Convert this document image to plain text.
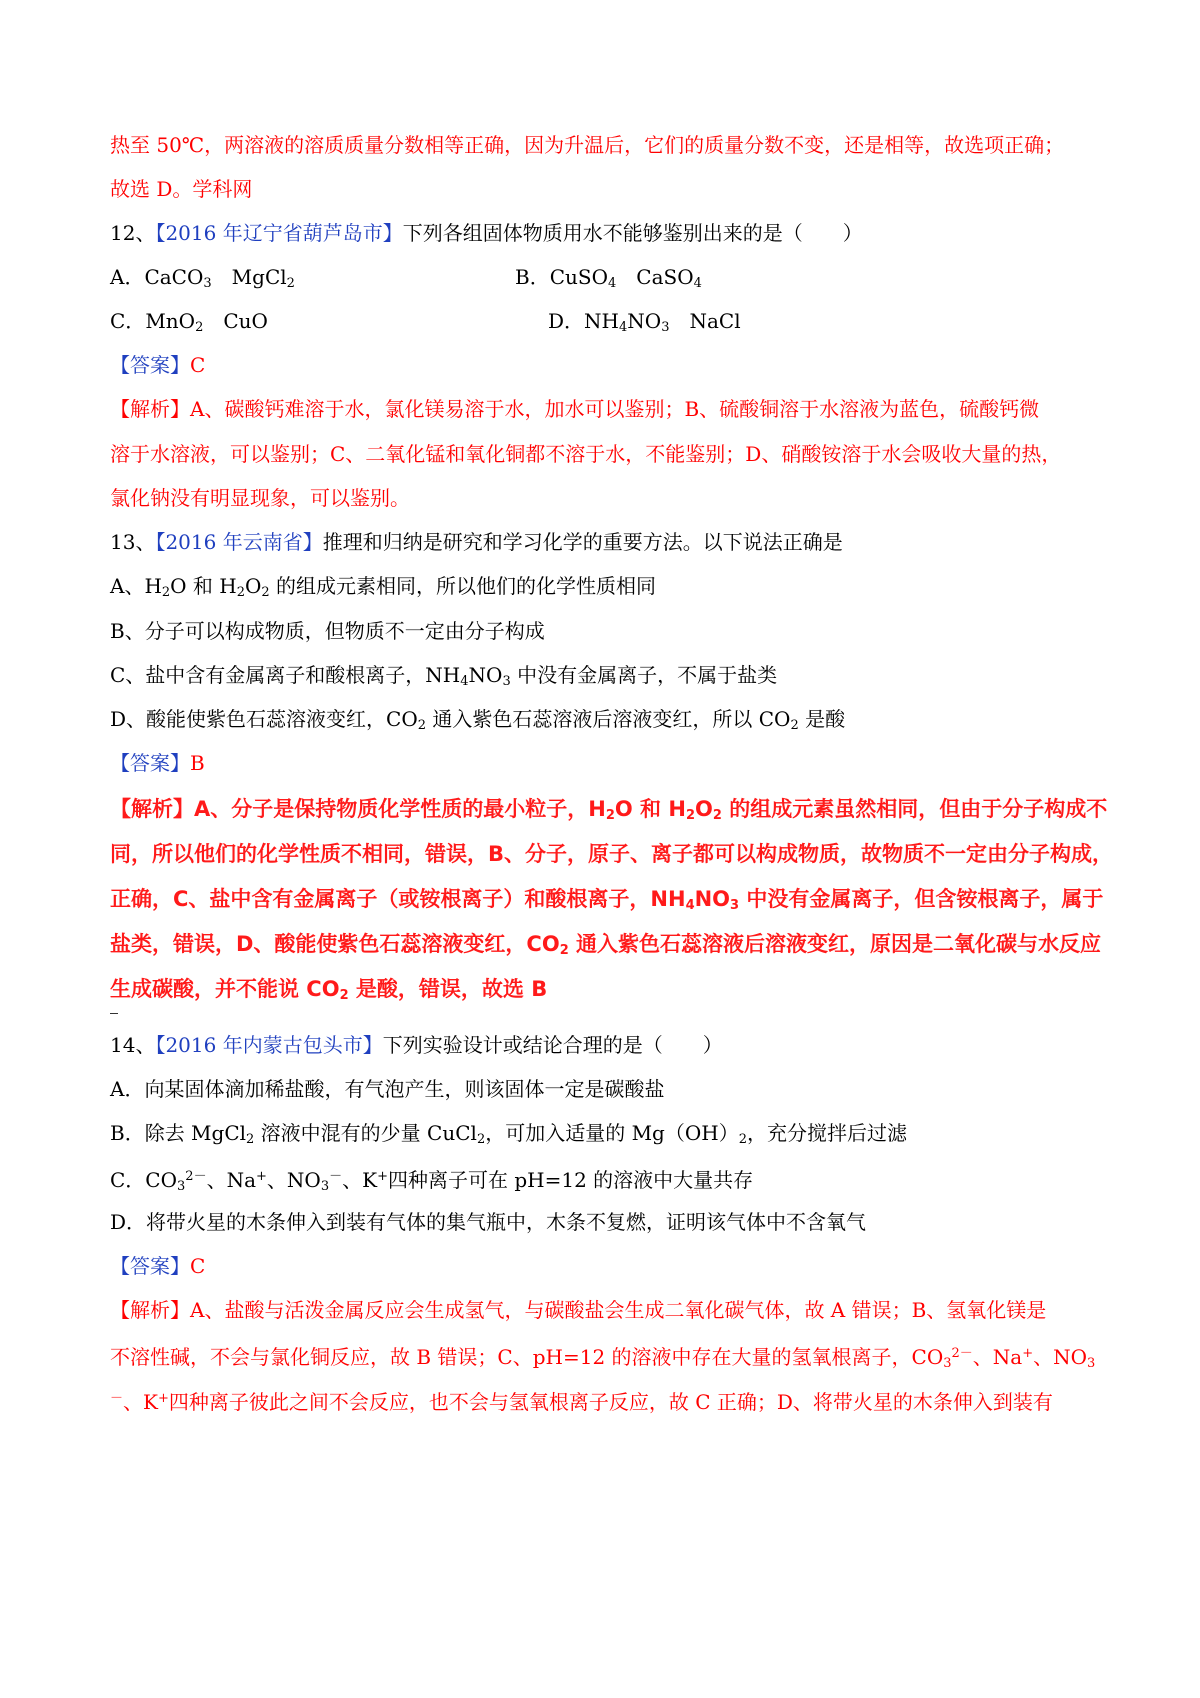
热至 50℃，两溶液的溶质质量分数相等正确，因为升温后，它们的质量分数不变，还是相等，故选项正确；
故选 D。学科网
12、【2016 年辽宁省葫芦岛市】下列各组固体物质用水不能够鉴别出来的是（　　）
A．CaCO$_3$　MgCl$_2$	B．CuSO$_4$　CaSO$_4$
C．MnO$_2$　CuO	D．$NH_4NO_3$　NaCl
【答案】C
【解析】A、碳酸钙难溶于水，氯化镁易溶于水，加水可以鉴别；B、硫酸铜溶于水溶液为蓝色，硫酸钙微
溶于水溶液，可以鉴别；C、二氧化锰和氧化铜都不溶于水，不能鉴别；D、硝酸铵溶于水会吸收大量的热，
氯化钠没有明显现象，可以鉴别。
13、【2016 年云南省】推理和归纳是研究和学习化学的重要方法。以下说法正确是
A、$H_2O$ 和 $H_2O_2$ 的组成元素相同，所以他们的化学性质相同
B、分子可以构成物质，但物质不一定由分子构成
C、盐中含有金属离子和酸根离子，$NH_4NO_3$ 中没有金属离子，不属于盐类
D、酸能使紫色石蕊溶液变红，$CO_2$ 通入紫色石蕊溶液后溶液变红，所以 $CO_2$ 是酸
【答案】B
【解析】A、分子是保持物质化学性质的最小粒子，$H_2O$ 和 $H_2O_2$ 的组成元素虽然相同，但由于分子构成不
同，所以他们的化学性质不相同，错误，B、分子，原子、离子都可以构成物质，故物质不一定由分子构成，
正确，C、盐中含有金属离子（或铵根离子）和酸根离子，$NH_4NO_3$ 中没有金属离子，但含铵根离子，属于
盐类，错误，D、酸能使紫色石蕊溶液变红，$CO_2$ 通入紫色石蕊溶液后溶液变红，原因是二氧化碳与水反应
生成碳酸，并不能说 $CO_2$ 是酸，错误，故选 B
14、【2016 年内蒙古包头市】下列实验设计或结论合理的是（　　）
A．向某固体滴加稀盐酸，有气泡产生，则该固体一定是碳酸盐
B．除去 MgCl$_2$ 溶液中混有的少量 CuCl$_2$，可加入适量的 $Mg(OH)_2$，充分搅拌后过滤
C．$CO_3^{2-}$、Na+、$NO_3^-$、K+四种离子可在 pH=12 的溶液中大量共存
D．将带火星的木条伸入到装有气体的集气瓶中，木条不复燃，证明该气体中不含氧气
【答案】C
【解析】A、盐酸与活泼金属反应会生成氢气，与碳酸盐会生成二氧化碳气体，故 A 错误；B、氢氧化镁是
不溶性碱，不会与氯化铜反应，故 B 错误；C、pH=12 的溶液中存在大量的氢氧根离子，$CO_3^{2-}$、Na+、$NO_3$
－、K+四种离子彼此之间不会反应，也不会与氢氧根离子反应，故 C 正确；D、将带火星的木条伸入到装有
